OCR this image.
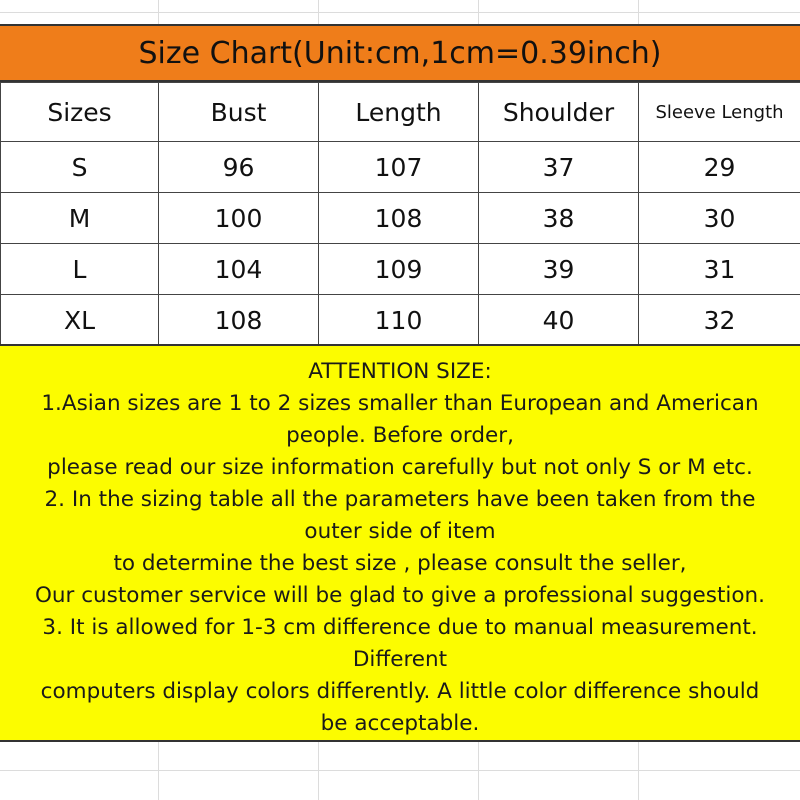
Size Chart(Unit:cm,1cm=0.39inch)
Sizes	Bust	Length	Shoulder	Sleeve Length
S	96	107	37	29
M	100	108	38	30
L	104	109	39	31
XL	108	110	40	32

ATTENTION SIZE:

1.Asian sizes are 1 to 2 sizes smaller than European and American

people. Before order,

please read our size information carefully but not only S or M etc.

2. In the sizing table all the parameters have been taken from the

outer side of item

to determine the best size , please consult the seller,

Our customer service will be glad to give a professional suggestion.

3. It is allowed for 1-3 cm difference due to manual measurement.

Different

computers display colors differently. A little color difference should

be acceptable.
